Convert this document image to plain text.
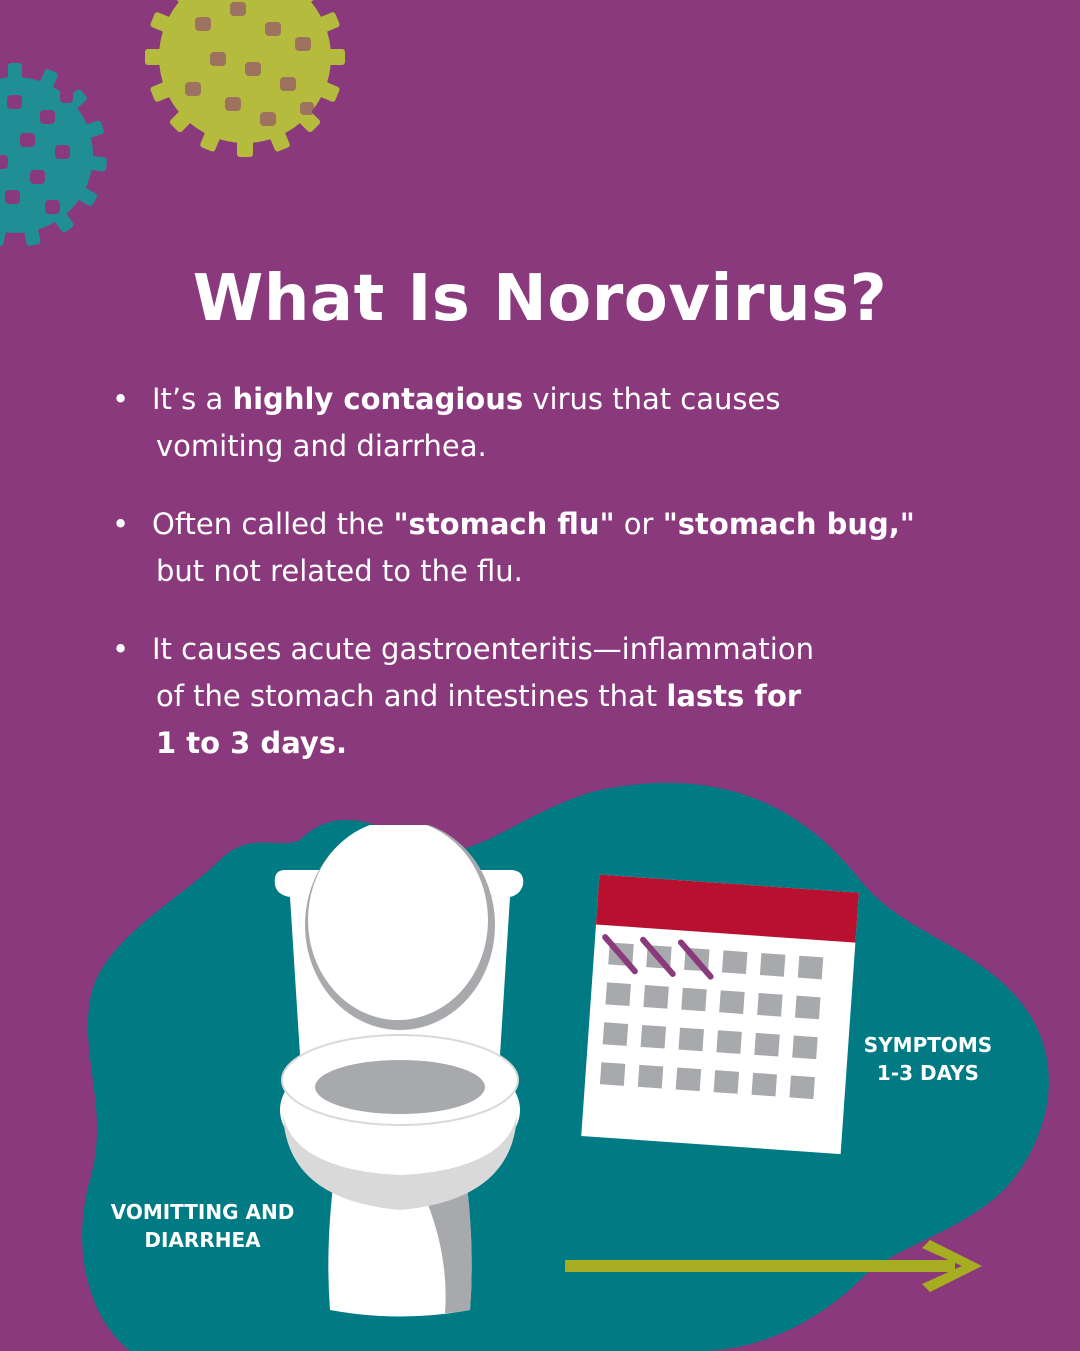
What Is Norovirus?
• It’s a highly contagious virus that causes
vomiting and diarrhea.
• Often called the "stomach flu" or "stomach bug,"
but not related to the flu.
• It causes acute gastroenteritis—inflammation
of the stomach and intestines that lasts for
1 to 3 days.
VOMITTING AND
DIARRHEA
SYMPTOMS
1-3 DAYS
